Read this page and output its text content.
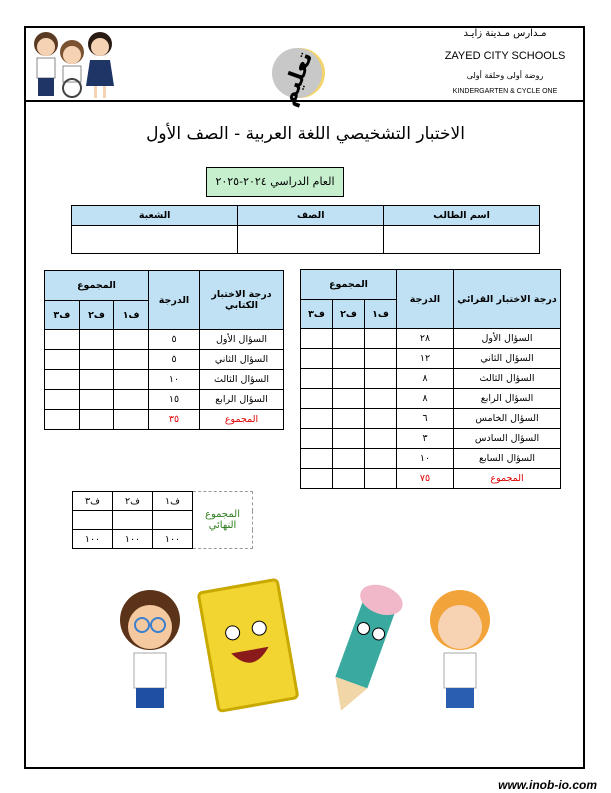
تعليم
مـدارس مـدينة زايـد
ZAYED CITY SCHOOLS
روضة أولى وحلقة أولى
KINDERGARTEN & CYCLE ONE
الاختبار التشخيصي اللغة العربية - الصف الأول
العام الدراسي ٢٠٢٤-٢٠٢٥
اسم الطالب	الصف	الشعبة

درجة الاختبار القرائي	الدرجة	المجموع		
		ف١	ف٢	ف٣
السؤال الأول	٢٨			
السؤال الثاني	١٢			
السؤال الثالث	٨			
السؤال الرابع	٨			
السؤال الخامس	٦			
السؤال السادس	٣			
السؤال السابع	١٠			
المجموع	٧٥			
درجة الاختبار الكتابي	الدرجة	المجموع		
		ف١	ف٢	ف٣
السؤال الأول	٥			
السؤال الثاني	٥			
السؤال الثالث	١٠			
السؤال الرابع	١٥			
المجموع	٣٥			
المجموع النهائي	ف١	ف٢	ف٣

	١٠٠	١٠٠	١٠٠
www.inob-io.com
